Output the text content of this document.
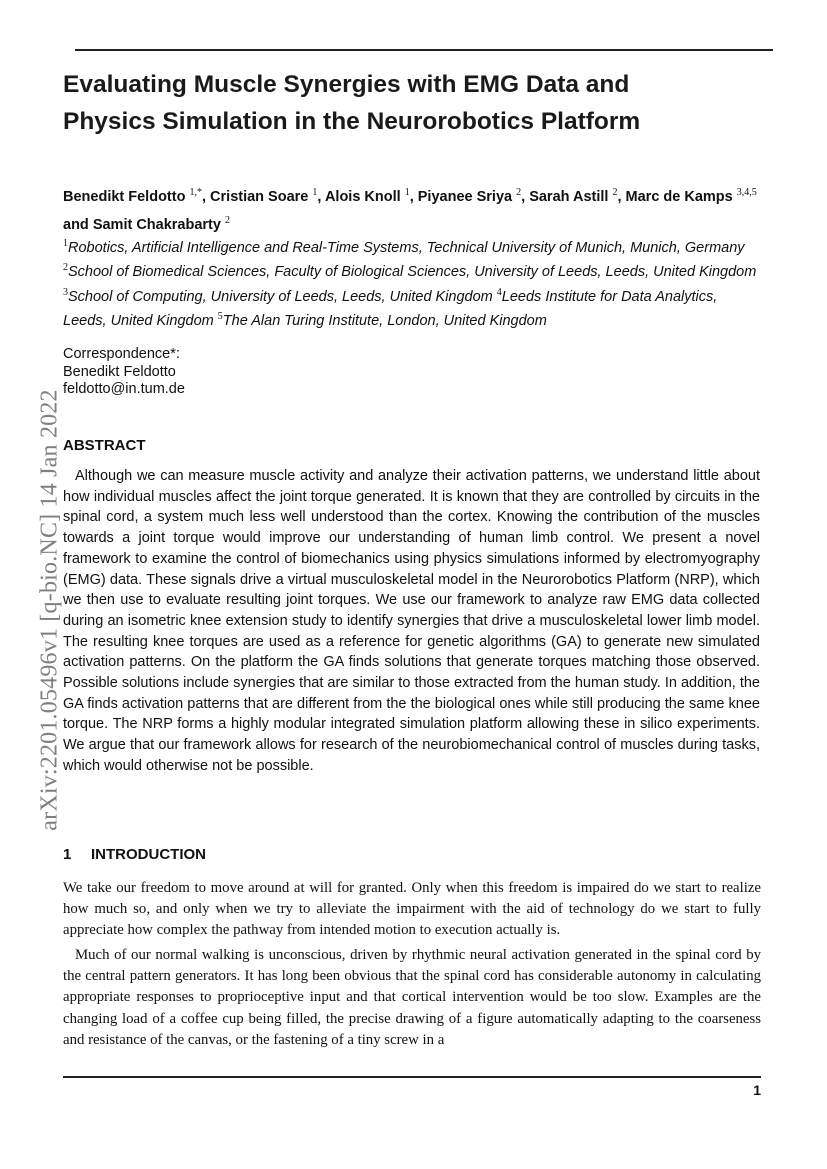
arXiv:2201.05496v1 [q-bio.NC] 14 Jan 2022
Evaluating Muscle Synergies with EMG Data and Physics Simulation in the Neurorobotics Platform
Benedikt Feldotto $^{1,*}$, Cristian Soare $^1$, Alois Knoll $^1$, Piyanee Sriya $^2$, Sarah Astill $^2$, Marc de Kamps $^{3,4,5}$ and Samit Chakrabarty $^2$
$^1$Robotics, Artificial Intelligence and Real-Time Systems, Technical University of Munich, Munich, Germany $^2$School of Biomedical Sciences, Faculty of Biological Sciences, University of Leeds, Leeds, United Kingdom $^3$School of Computing, University of Leeds, Leeds, United Kingdom $^4$Leeds Institute for Data Analytics, Leeds, United Kingdom $^5$The Alan Turing Institute, London, United Kingdom
Correspondence*:
Benedikt Feldotto
feldotto@in.tum.de
ABSTRACT

Although we can measure muscle activity and analyze their activation patterns, we understand little about how individual muscles affect the joint torque generated. It is known that they are controlled by circuits in the spinal cord, a system much less well understood than the cortex. Knowing the contribution of the muscles towards a joint torque would improve our understanding of human limb control. We present a novel framework to examine the control of biomechanics using physics simulations informed by electromyography (EMG) data. These signals drive a virtual musculoskeletal model in the Neurorobotics Platform (NRP), which we then use to evaluate resulting joint torques. We use our framework to analyze raw EMG data collected during an isometric knee extension study to identify synergies that drive a musculoskeletal lower limb model. The resulting knee torques are used as a reference for genetic algorithms (GA) to generate new simulated activation patterns. On the platform the GA finds solutions that generate torques matching those observed. Possible solutions include synergies that are similar to those extracted from the human study. In addition, the GA finds activation patterns that are different from the the biological ones while still producing the same knee torque. The NRP forms a highly modular integrated simulation platform allowing these in silico experiments. We argue that our framework allows for research of the neurobiomechanical control of muscles during tasks, which would otherwise not be possible.

1 INTRODUCTION

We take our freedom to move around at will for granted. Only when this freedom is impaired do we start to realize how much so, and only when we try to alleviate the impairment with the aid of technology do we start to fully appreciate how complex the pathway from intended motion to execution actually is.

Much of our normal walking is unconscious, driven by rhythmic neural activation generated in the spinal cord by the central pattern generators. It has long been obvious that the spinal cord has considerable autonomy in calculating appropriate responses to proprioceptive input and that cortical intervention would be too slow. Examples are the changing load of a coffee cup being filled, the precise drawing of a figure automatically adapting to the coarseness and resistance of the canvas, or the fastening of a tiny screw in a

1
